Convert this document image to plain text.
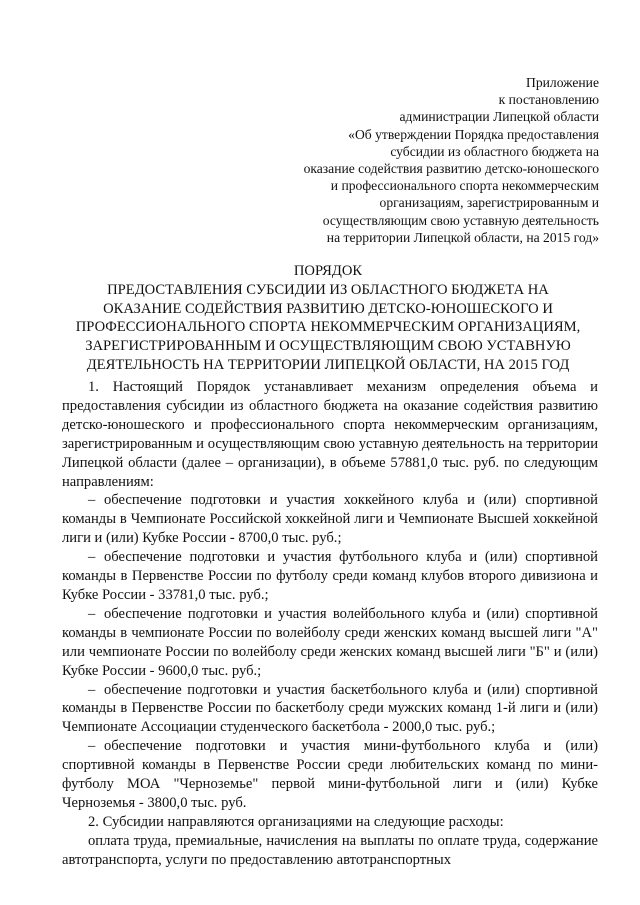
Приложение
к постановлению
администрации Липецкой области
«Об утверждении Порядка предоставления
субсидии из областного бюджета на
оказание содействия развитию детско-юношеского
и профессионального спорта некоммерческим
организациям, зарегистрированным и
осуществляющим свою уставную деятельность
на территории Липецкой области, на 2015 год»
ПОРЯДОК
ПРЕДОСТАВЛЕНИЯ СУБСИДИИ ИЗ ОБЛАСТНОГО БЮДЖЕТА НА
ОКАЗАНИЕ СОДЕЙСТВИЯ РАЗВИТИЮ ДЕТСКО-ЮНОШЕСКОГО И
ПРОФЕССИОНАЛЬНОГО СПОРТА НЕКОММЕРЧЕСКИМ ОРГАНИЗАЦИЯМ,
ЗАРЕГИСТРИРОВАННЫМ И ОСУЩЕСТВЛЯЮЩИМ СВОЮ УСТАВНУЮ
ДЕЯТЕЛЬНОСТЬ НА ТЕРРИТОРИИ ЛИПЕЦКОЙ ОБЛАСТИ, НА 2015 ГОД

1. Настоящий Порядок устанавливает механизм определения объема и предоставления субсидии из областного бюджета на оказание содействия развитию детско-юношеского и профессионального спорта некоммерческим организациям, зарегистрированным и осуществляющим свою уставную деятельность на территории Липецкой области (далее – организации), в объеме 57881,0 тыс. руб. по следующим направлениям:

– обеспечение подготовки и участия хоккейного клуба и (или) спортивной команды в Чемпионате Российской хоккейной лиги и Чемпионате Высшей хоккейной лиги и (или) Кубке России - 8700,0 тыс. руб.;

– обеспечение подготовки и участия футбольного клуба и (или) спортивной команды в Первенстве России по футболу среди команд клубов второго дивизиона и Кубке России - 33781,0 тыс. руб.;

– обеспечение подготовки и участия волейбольного клуба и (или) спортивной команды в чемпионате России по волейболу среди женских команд высшей лиги "А" или чемпионате России по волейболу среди женских команд высшей лиги "Б" и (или) Кубке России - 9600,0 тыс. руб.;

– обеспечение подготовки и участия баскетбольного клуба и (или) спортивной команды в Первенстве России по баскетболу среди мужских команд 1-й лиги и (или) Чемпионате Ассоциации студенческого баскетбола - 2000,0 тыс. руб.;

– обеспечение подготовки и участия мини-футбольного клуба и (или) спортивной команды в Первенстве России среди любительских команд по мини-футболу МОА "Черноземье" первой мини-футбольной лиги и (или) Кубке Черноземья - 3800,0 тыс. руб.

2. Субсидии направляются организациями на следующие расходы:

оплата труда, премиальные, начисления на выплаты по оплате труда, содержание автотранспорта, услуги по предоставлению автотранспортных
